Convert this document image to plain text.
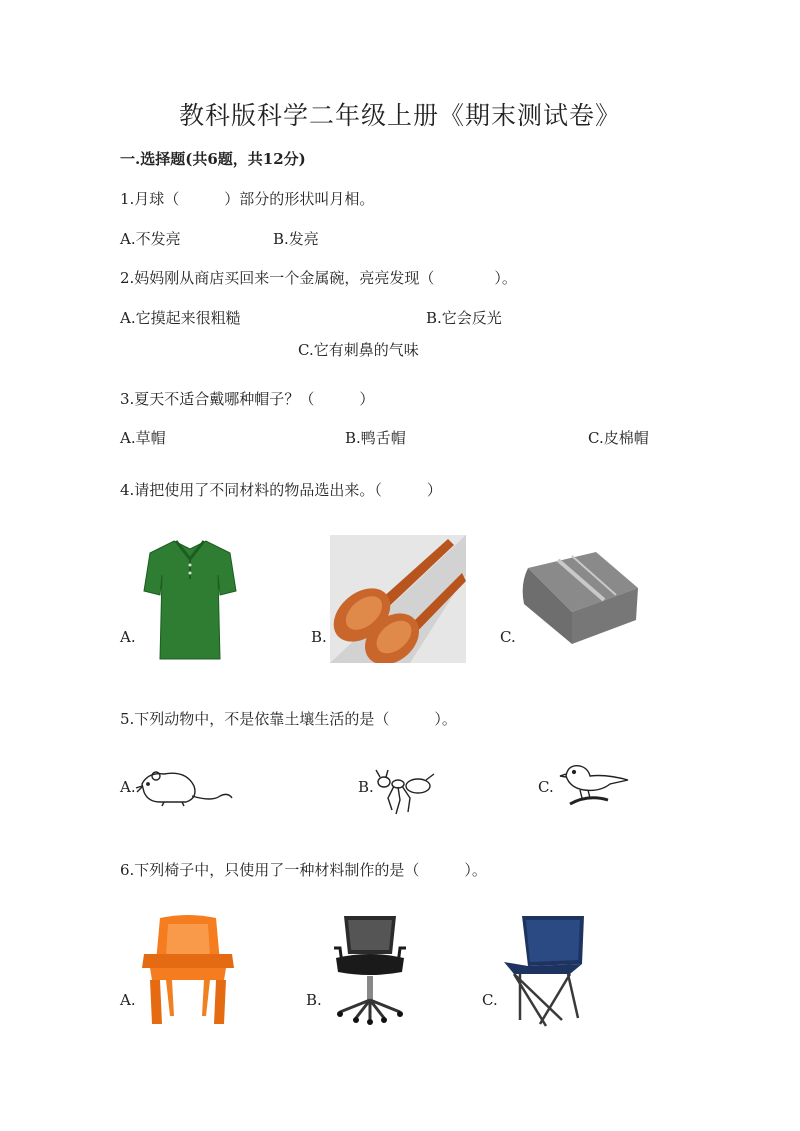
教科版科学二年级上册《期末测试卷》
一.选择题(共6题，共12分)
1.月球（　　　）部分的形状叫月相。
A.不发亮	B.发亮
2.妈妈刚从商店买回来一个金属碗，亮亮发现（　　　　）。
A.它摸起来很粗糙	B.它会反光
C.它有刺鼻的气味
3.夏天不适合戴哪种帽子？（　　　）
A.草帽	B.鸭舌帽	C.皮棉帽
4.请把使用了不同材料的物品选出来。（　　　）
A.	B.	C.
5.下列动物中，不是依靠土壤生活的是（　　　）。
A.	B.	C.
6.下列椅子中，只使用了一种材料制作的是（　　　）。
A.	B.	C.
